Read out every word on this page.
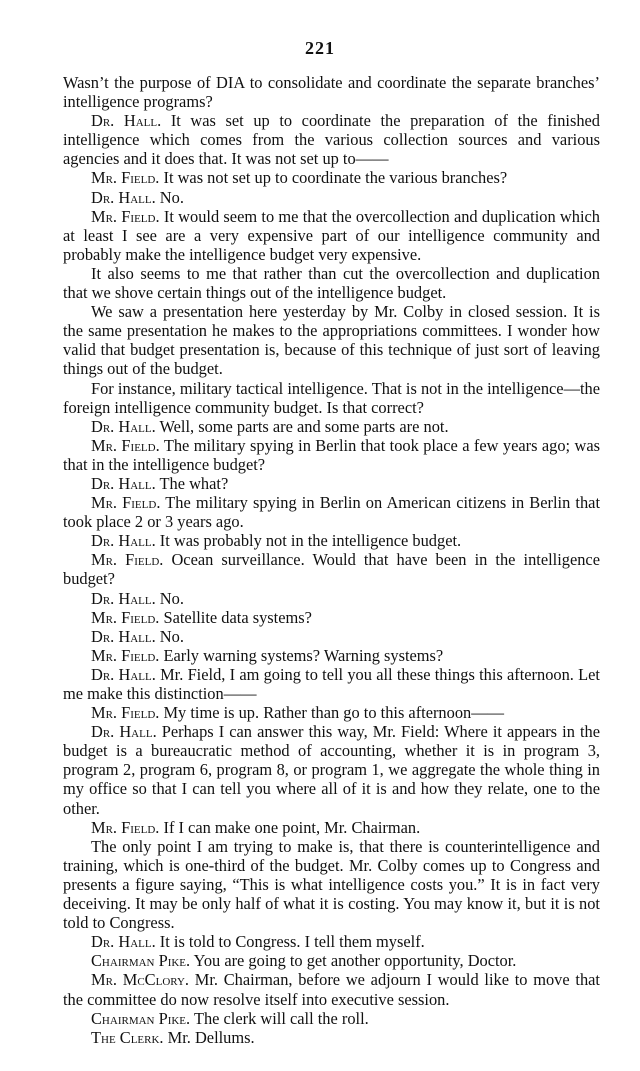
221

Wasn’t the purpose of DIA to consolidate and coordinate the separate branches’ intelligence programs?

Dr. Hall. It was set up to coordinate the preparation of the finished intelligence which comes from the various collection sources and various agencies and it does that. It was not set up to——

Mr. Field. It was not set up to coordinate the various branches?

Dr. Hall. No.

Mr. Field. It would seem to me that the overcollection and duplication which at least I see are a very expensive part of our intelligence community and probably make the intelligence budget very expensive.

It also seems to me that rather than cut the overcollection and duplication that we shove certain things out of the intelligence budget.

We saw a presentation here yesterday by Mr. Colby in closed session. It is the same presentation he makes to the appropriations committees. I wonder how valid that budget presentation is, because of this technique of just sort of leaving things out of the budget.

For instance, military tactical intelligence. That is not in the intelligence—the foreign intelligence community budget. Is that correct?

Dr. Hall. Well, some parts are and some parts are not.

Mr. Field. The military spying in Berlin that took place a few years ago; was that in the intelligence budget?

Dr. Hall. The what?

Mr. Field. The military spying in Berlin on American citizens in Berlin that took place 2 or 3 years ago.

Dr. Hall. It was probably not in the intelligence budget.

Mr. Field. Ocean surveillance. Would that have been in the intelligence budget?

Dr. Hall. No.

Mr. Field. Satellite data systems?

Dr. Hall. No.

Mr. Field. Early warning systems? Warning systems?

Dr. Hall. Mr. Field, I am going to tell you all these things this afternoon. Let me make this distinction——

Mr. Field. My time is up. Rather than go to this afternoon——

Dr. Hall. Perhaps I can answer this way, Mr. Field: Where it appears in the budget is a bureaucratic method of accounting, whether it is in program 3, program 2, program 6, program 8, or program 1, we aggregate the whole thing in my office so that I can tell you where all of it is and how they relate, one to the other.

Mr. Field. If I can make one point, Mr. Chairman.

The only point I am trying to make is, that there is counterintelligence and training, which is one-third of the budget. Mr. Colby comes up to Congress and presents a figure saying, “This is what intelligence costs you.” It is in fact very deceiving. It may be only half of what it is costing. You may know it, but it is not told to Congress.

Dr. Hall. It is told to Congress. I tell them myself.

Chairman Pike. You are going to get another opportunity, Doctor.

Mr. McClory. Mr. Chairman, before we adjourn I would like to move that the committee do now resolve itself into executive session.

Chairman Pike. The clerk will call the roll.

The Clerk. Mr. Dellums.
